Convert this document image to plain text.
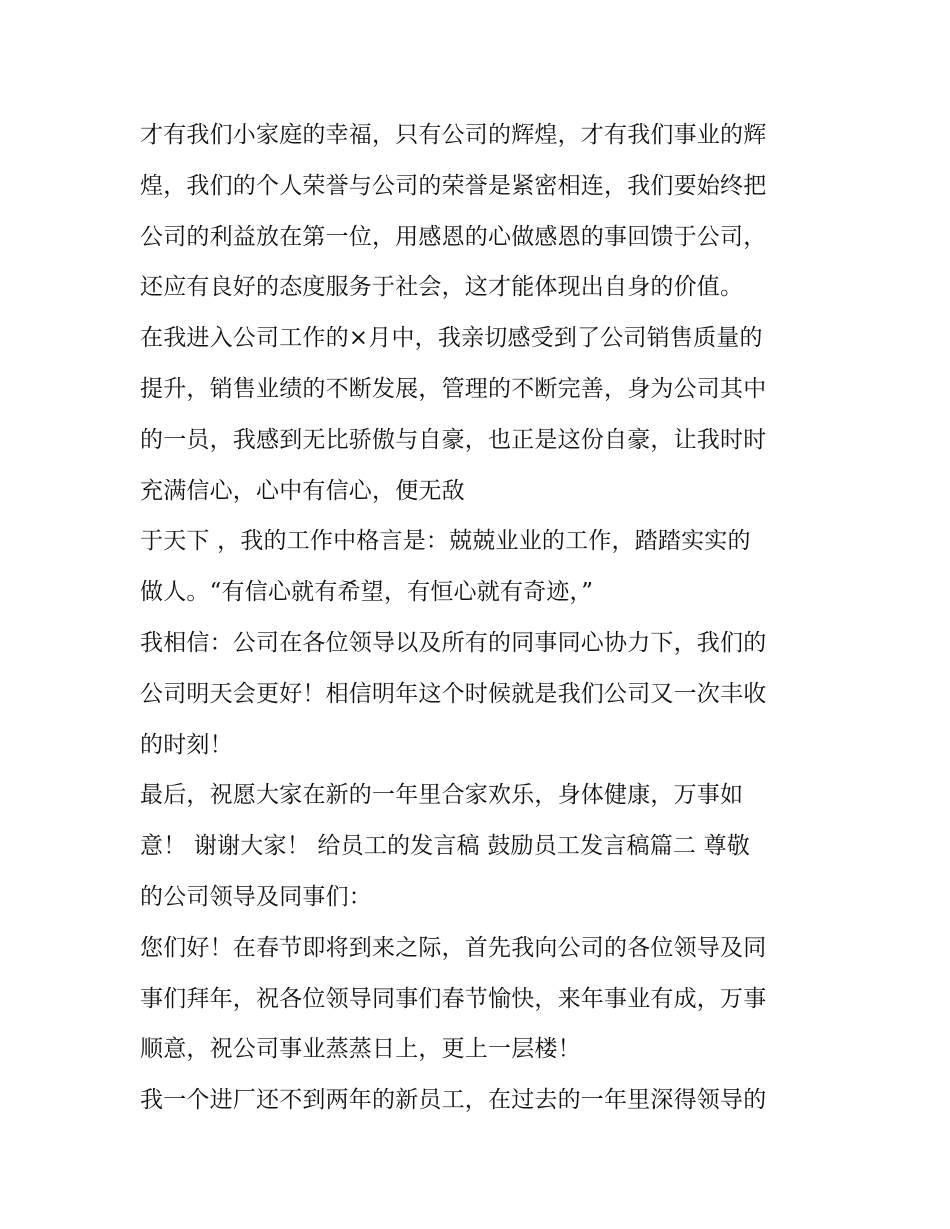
才有我们小家庭的幸福，只有公司的辉煌，才有我们事业的辉
煌，我们的个人荣誉与公司的荣誉是紧密相连，我们要始终把
公司的利益放在第一位，用感恩的心做感恩的事回馈于公司，
还应有良好的态度服务于社会，这才能体现出自身的价值。
在我进入公司工作的×月中，我亲切感受到了公司销售质量的
提升，销售业绩的不断发展，管理的不断完善，身为公司其中
的一员，我感到无比骄傲与自豪，也正是这份自豪，让我时时
充满信心，心中有信心，便无敌
于天下 ，我的工作中格言是：兢兢业业的工作，踏踏实实的
做人。“有信心就有希望，有恒心就有奇迹，”
我相信：公司在各位领导以及所有的同事同心协力下，我们的
公司明天会更好！相信明年这个时候就是我们公司又一次丰收
的时刻！
最后，祝愿大家在新的一年里合家欢乐，身体健康，万事如
意！ 谢谢大家！ 给员工的发言稿 鼓励员工发言稿篇二 尊敬
的公司领导及同事们：
您们好！在春节即将到来之际，首先我向公司的各位领导及同
事们拜年，祝各位领导同事们春节愉快，来年事业有成，万事
顺意，祝公司事业蒸蒸日上，更上一层楼！
我一个进厂还不到两年的新员工，在过去的一年里深得领导的
